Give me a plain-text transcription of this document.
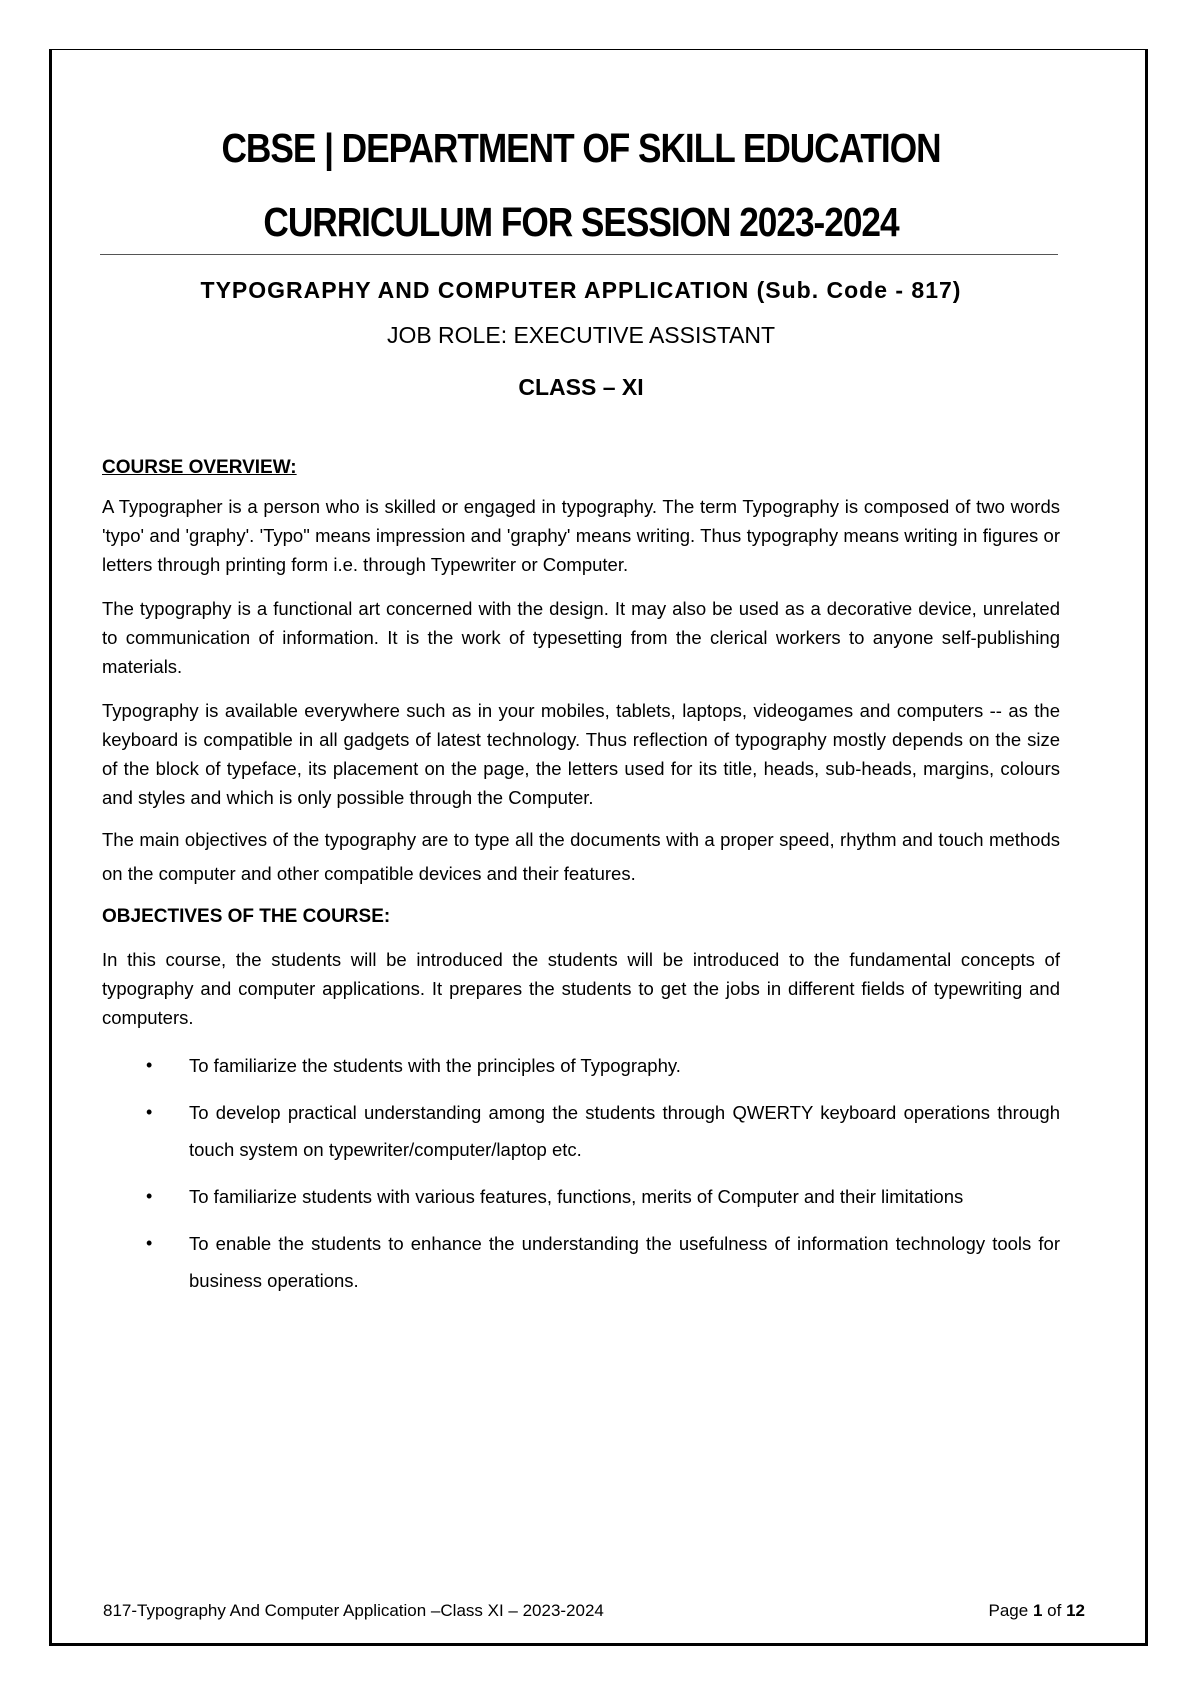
CBSE | DEPARTMENT OF SKILL EDUCATION
CURRICULUM FOR SESSION 2023-2024
TYPOGRAPHY AND COMPUTER APPLICATION (Sub. Code - 817)
JOB ROLE: EXECUTIVE ASSISTANT
CLASS – XI
COURSE OVERVIEW:

A Typographer is a person who is skilled or engaged in typography. The term Typography is composed of two words 'typo' and 'graphy'. 'Typo" means impression and 'graphy' means writing. Thus typography means writing in figures or letters through printing form i.e. through Typewriter or Computer.

The typography is a functional art concerned with the design. It may also be used as a decorative device, unrelated to communication of information. It is the work of typesetting from the clerical workers to anyone self-publishing materials.

Typography is available everywhere such as in your mobiles, tablets, laptops, videogames and computers -- as the keyboard is compatible in all gadgets of latest technology. Thus reflection of typography mostly depends on the size of the block of typeface, its placement on the page, the letters used for its title, heads, sub-heads, margins, colours and styles and which is only possible through the Computer.

The main objectives of the typography are to type all the documents with a proper speed, rhythm and touch methods on the computer and other compatible devices and their features.

OBJECTIVES OF THE COURSE:

In this course, the students will be introduced the students will be introduced to the fundamental concepts of typography and computer applications. It prepares the students to get the jobs in different fields of typewriting and computers.

• To familiarize the students with the principles of Typography.
• To develop practical understanding among the students through QWERTY keyboard operations through touch system on typewriter/computer/laptop etc.
• To familiarize students with various features, functions, merits of Computer and their limitations
• To enable the students to enhance the understanding the usefulness of information technology tools for business operations.
817-Typography And Computer Application –Class XI – 2023-2024	Page 1 of 12
